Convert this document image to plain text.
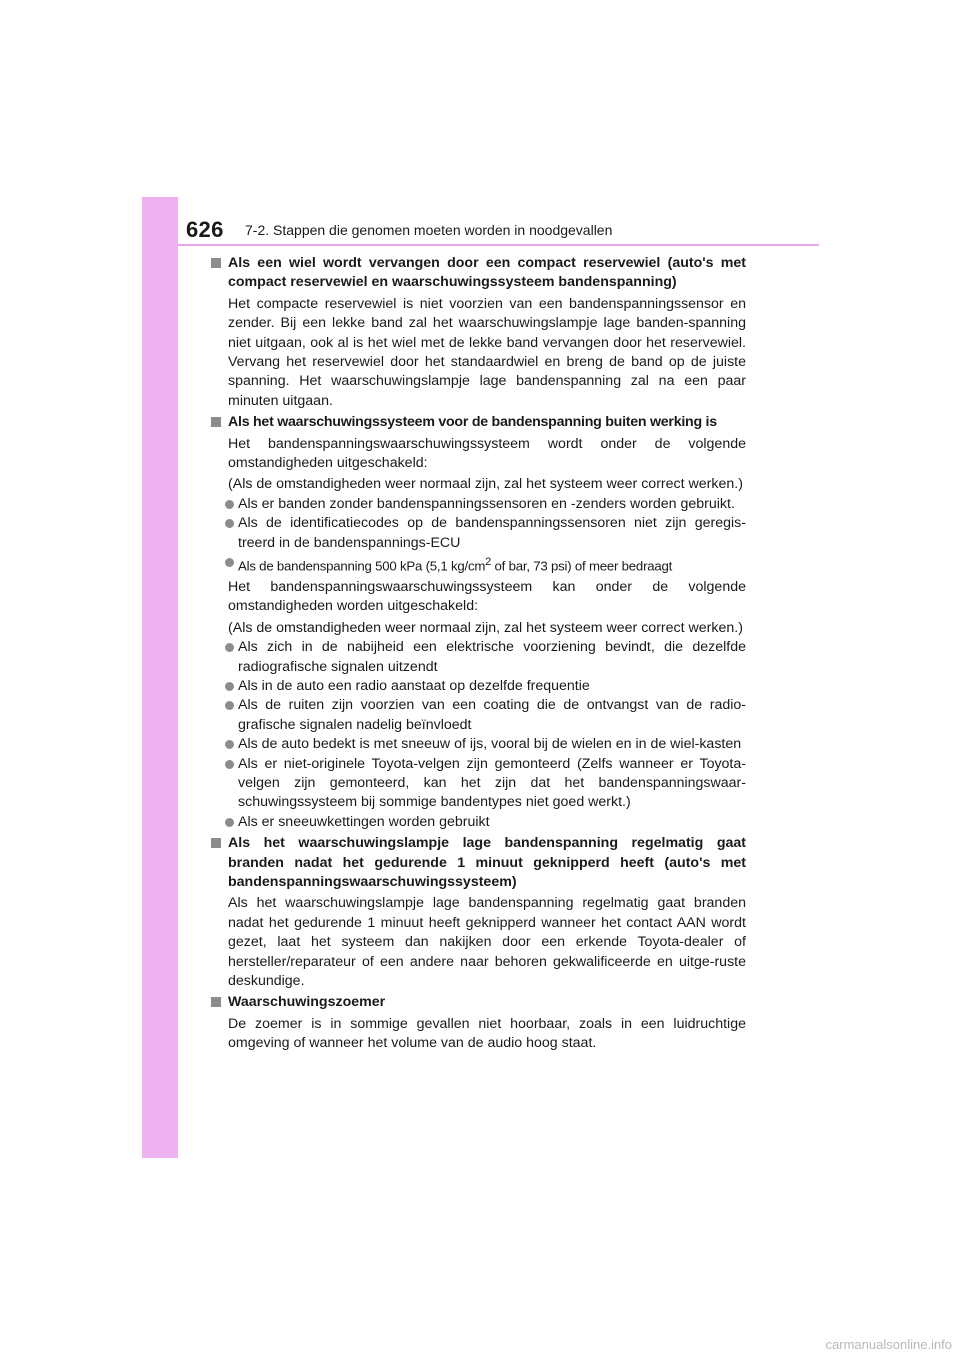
626 7-2. Stappen die genomen moeten worden in noodgevallen
Als een wiel wordt vervangen door een compact reservewiel (auto's met compact reservewiel en waarschuwingssysteem bandenspanning)
Het compacte reservewiel is niet voorzien van een bandenspanningssensor en zender. Bij een lekke band zal het waarschuwingslampje lage banden-spanning niet uitgaan, ook al is het wiel met de lekke band vervangen door het reservewiel. Vervang het reservewiel door het standaardwiel en breng de band op de juiste spanning. Het waarschuwingslampje lage bandenspanning zal na een paar minuten uitgaan.
Als het waarschuwingssysteem voor de bandenspanning buiten werking is
Het bandenspanningswaarschuwingssysteem wordt onder de volgende omstandigheden uitgeschakeld:
(Als de omstandigheden weer normaal zijn, zal het systeem weer correct werken.)
Als er banden zonder bandenspanningssensoren en -zenders worden gebruikt.
Als de identificatiecodes op de bandenspanningssensoren niet zijn geregis-treerd in de bandenspannings-ECU
Als de bandenspanning 500 kPa (5,1 $kg/cm^2$ of bar, 73 psi) of meer bedraagt
Het bandenspanningswaarschuwingssysteem kan onder de volgende omstandigheden worden uitgeschakeld:
(Als de omstandigheden weer normaal zijn, zal het systeem weer correct werken.)
Als zich in de nabijheid een elektrische voorziening bevindt, die dezelfde radiografische signalen uitzendt
Als in de auto een radio aanstaat op dezelfde frequentie
Als de ruiten zijn voorzien van een coating die de ontvangst van de radio-grafische signalen nadelig beïnvloedt
Als de auto bedekt is met sneeuw of ijs, vooral bij de wielen en in de wiel-kasten
Als er niet-originele Toyota-velgen zijn gemonteerd (Zelfs wanneer er Toyota-velgen zijn gemonteerd, kan het zijn dat het bandenspanningswaar-schuwingssysteem bij sommige bandentypes niet goed werkt.)
Als er sneeuwkettingen worden gebruikt
Als het waarschuwingslampje lage bandenspanning regelmatig gaat branden nadat het gedurende 1 minuut geknipperd heeft (auto's met bandenspanningswaarschuwingssysteem)
Als het waarschuwingslampje lage bandenspanning regelmatig gaat branden nadat het gedurende 1 minuut heeft geknipperd wanneer het contact AAN wordt gezet, laat het systeem dan nakijken door een erkende Toyota-dealer of hersteller/reparateur of een andere naar behoren gekwalificeerde en uitge-ruste deskundige.
Waarschuwingszoemer
De zoemer is in sommige gevallen niet hoorbaar, zoals in een luidruchtige omgeving of wanneer het volume van de audio hoog staat.
carmanualsonline.info
